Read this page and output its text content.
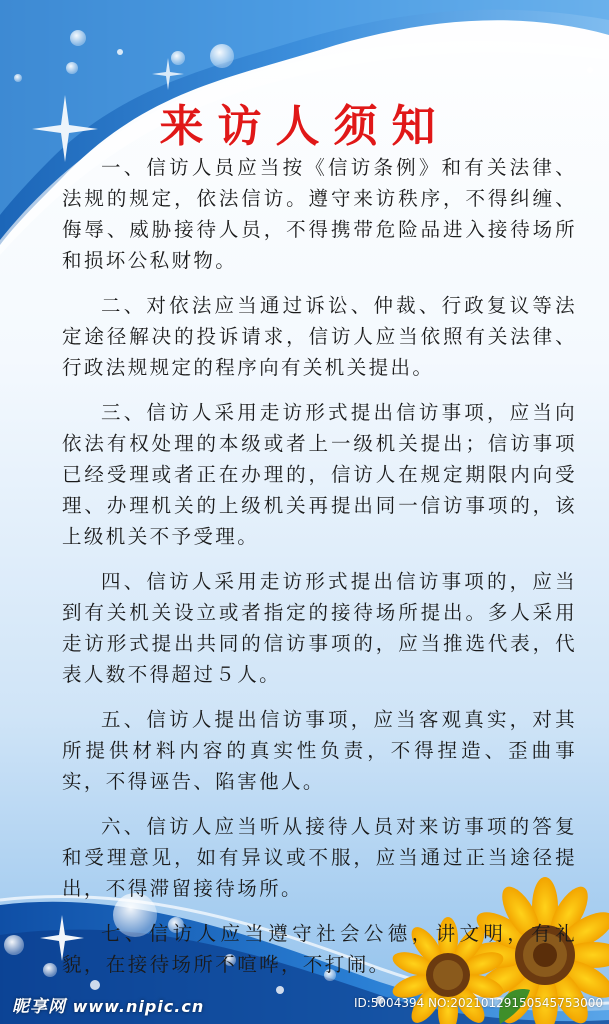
来访人须知

一、信访人员应当按《信访条例》和有关法律、法规的规定，依法信访。遵守来访秩序，不得纠缠、侮辱、威胁接待人员，不得携带危险品进入接待场所和损坏公私财物。

二、对依法应当通过诉讼、仲裁、行政复议等法定途径解决的投诉请求，信访人应当依照有关法律、行政法规规定的程序向有关机关提出。

三、信访人采用走访形式提出信访事项，应当向依法有权处理的本级或者上一级机关提出；信访事项已经受理或者正在办理的，信访人在规定期限内向受理、办理机关的上级机关再提出同一信访事项的，该上级机关不予受理。

四、信访人采用走访形式提出信访事项的，应当到有关机关设立或者指定的接待场所提出。多人采用走访形式提出共同的信访事项的，应当推选代表，代表人数不得超过５人。

五、信访人提出信访事项，应当客观真实，对其所提供材料内容的真实性负责，不得捏造、歪曲事实，不得诬告、陷害他人。

六、信访人应当听从接待人员对来访事项的答复和受理意见，如有异议或不服，应当通过正当途径提出，不得滞留接待场所。

七、信访人应当遵守社会公德，讲文明，有礼貌，在接待场所不喧哗，不打闹。

昵享网 www.nipic.cn	ID:5004394 NO:20210129150545753000
